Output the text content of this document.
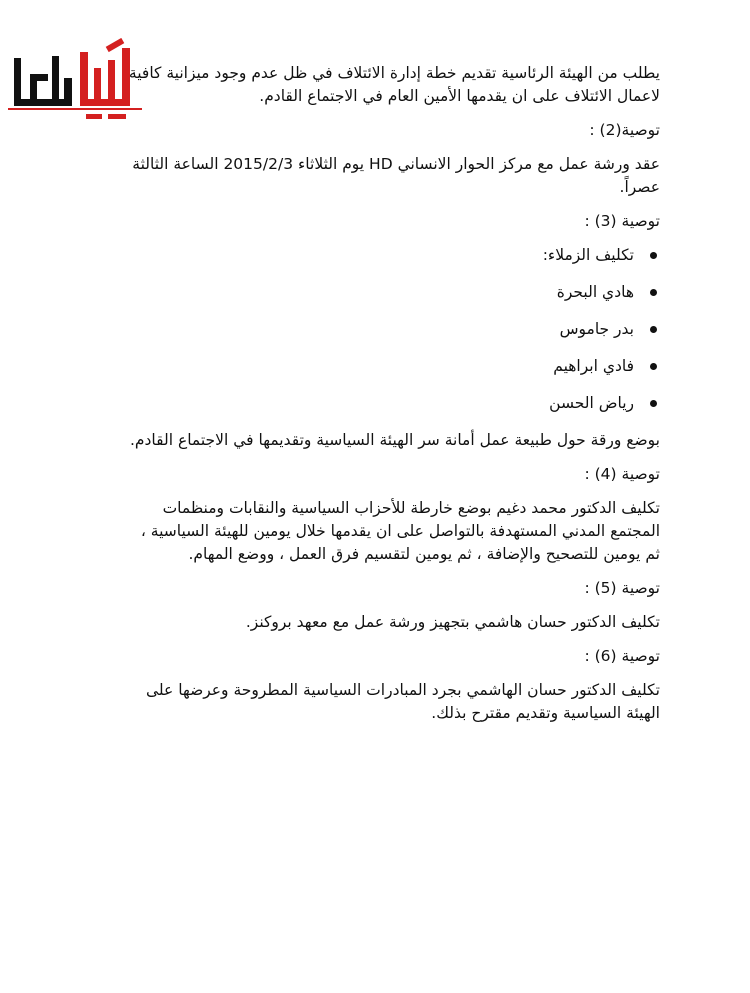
يطلب من الهيئة الرئاسية تقديم خطة إدارة الائتلاف في ظل عدم وجود ميزانية كافية لاعمال الائتلاف على ان يقدمها الأمين العام في الاجتماع القادم.

توصية(2) :

عقد ورشة عمل مع مركز الحوار الانساني HD يوم الثلاثاء 2015/2/3 الساعة الثالثة عصراً.

توصية (3) :

تكليف الزملاء:
هادي البحرة
بدر جاموس
فادي ابراهيم
رياض الحسن

بوضع ورقة حول طبيعة عمل أمانة سر الهيئة السياسية وتقديمها في الاجتماع القادم.

توصية (4) :

تكليف الدكتور محمد دغيم بوضع خارطة للأحزاب السياسية والنقابات ومنظمات المجتمع المدني المستهدفة بالتواصل على ان يقدمها خلال يومين للهيئة السياسية ، ثم يومين للتصحيح والإضافة ، ثم يومين لتقسيم فرق العمل ، ووضع المهام.

توصية (5) :

تكليف الدكتور حسان هاشمي بتجهيز ورشة عمل مع معهد بروكنز.

توصية (6) :

تكليف الدكتور حسان الهاشمي بجرد المبادرات السياسية المطروحة وعرضها على الهيئة السياسية وتقديم مقترح بذلك.
